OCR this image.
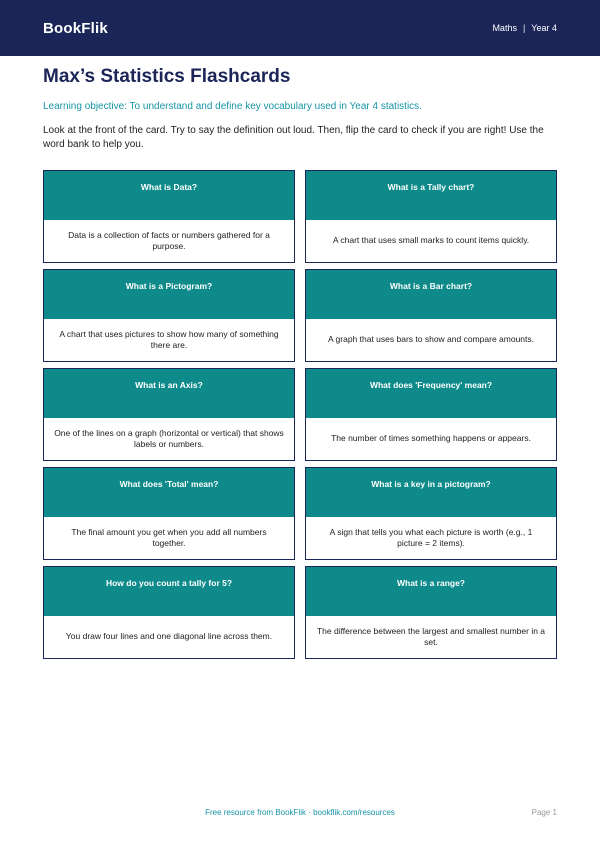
BookFlik	Maths | Year 4
Max’s Statistics Flashcards

Learning objective: To understand and define key vocabulary used in Year 4 statistics.

Look at the front of the card. Try to say the definition out loud. Then, flip the card to check if you are right! Use the word bank to help you.

What is Data?
Data is a collection of facts or numbers gathered for a purpose.
What is a Tally chart?
A chart that uses small marks to count items quickly.
What is a Pictogram?
A chart that uses pictures to show how many of something there are.
What is a Bar chart?
A graph that uses bars to show and compare amounts.
What is an Axis?
One of the lines on a graph (horizontal or vertical) that shows labels or numbers.
What does 'Frequency' mean?
The number of times something happens or appears.
What does 'Total' mean?
The final amount you get when you add all numbers together.
What is a key in a pictogram?
A sign that tells you what each picture is worth (e.g., 1 picture = 2 items).
How do you count a tally for 5?
You draw four lines and one diagonal line across them.
What is a range?
The difference between the largest and smallest number in a set.
Free resource from BookFlik · bookflik.com/resources	Page 1
